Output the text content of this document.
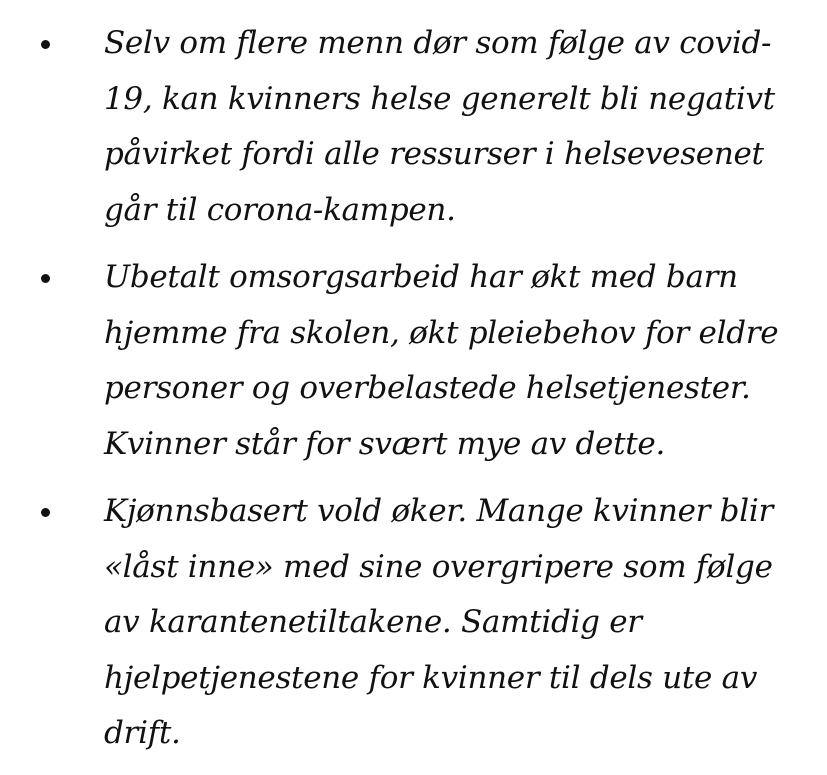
Selv om flere menn dør som følge av covid-19, kan kvinners helse generelt bli negativt påvirket fordi alle ressurser i helsevesenet går til corona-kampen.
Ubetalt omsorgsarbeid har økt med barn hjemme fra skolen, økt pleiebehov for eldre personer og overbelastede helsetjenester. Kvinner står for svært mye av dette.
Kjønnsbasert vold øker. Mange kvinner blir «låst inne» med sine overgripere som følge av karantenetiltakene. Samtidig er hjelpetjenestene for kvinner til dels ute av drift.
